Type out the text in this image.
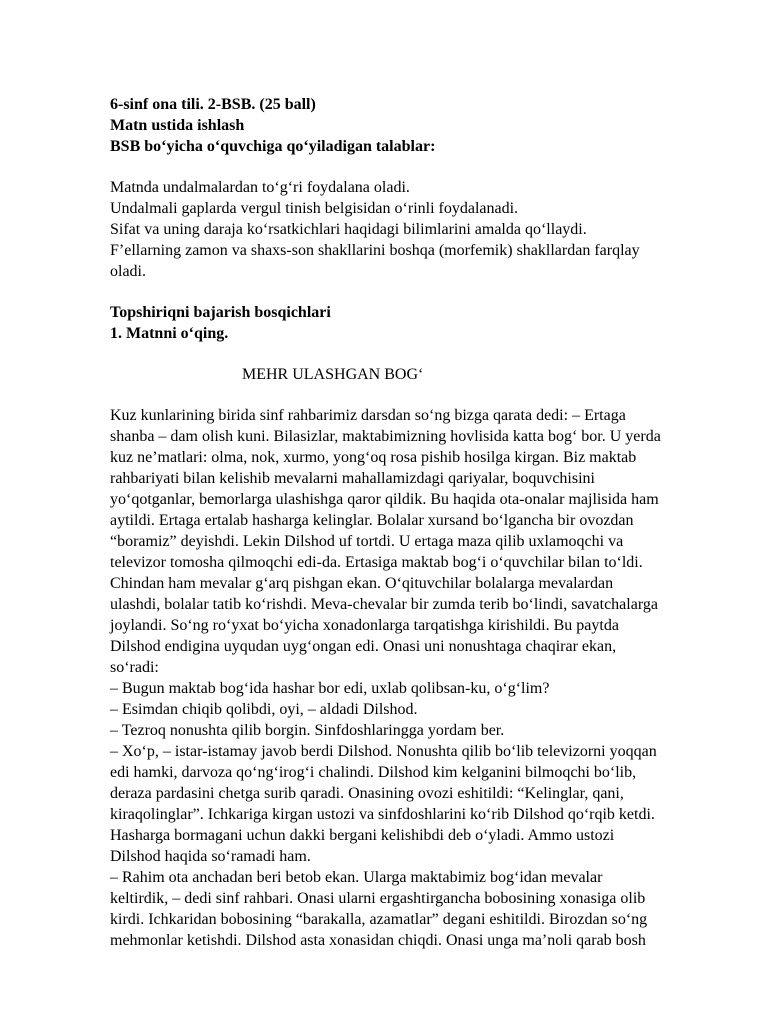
6-sinf ona tili. 2-BSB. (25 ball)
Matn ustida ishlash
BSB bo‘yicha o‘quvchiga qo‘yiladigan talablar:
Matnda undalmalardan to‘g‘ri foydalana oladi.
Undalmali gaplarda vergul tinish belgisidan o‘rinli foydalanadi.
Sifat va uning daraja ko‘rsatkichlari haqidagi bilimlarini amalda qo‘llaydi.
F’ellarning zamon va shaxs-son shakllarini boshqa (morfemik) shakllardan farqlay
oladi.
Topshiriqni bajarish bosqichlari
1. Matnni o‘qing.
MEHR ULASHGAN BOG‘
Kuz kunlarining birida sinf rahbarimiz darsdan so‘ng bizga qarata dedi: – Ertaga
shanba – dam olish kuni. Bilasizlar, maktabimizning hovlisida katta bog‘ bor. U yerda
kuz ne’matlari: olma, nok, xurmo, yong‘oq rosa pishib hosilga kirgan. Biz maktab
rahbariyati bilan kelishib mevalarni mahallamizdagi qariyalar, boquvchisini
yo‘qotganlar, bemorlarga ulashishga qaror qildik. Bu haqida ota-onalar majlisida ham
aytildi. Ertaga ertalab hasharga kelinglar. Bolalar xursand bo‘lgancha bir ovozdan
“boramiz” deyishdi. Lekin Dilshod uf tortdi. U ertaga maza qilib uxlamoqchi va
televizor tomosha qilmoqchi edi-da. Ertasiga maktab bog‘i o‘quvchilar bilan to‘ldi.
Chindan ham mevalar g‘arq pishgan ekan. O‘qituvchilar bolalarga mevalardan
ulashdi, bolalar tatib ko‘rishdi. Meva-chevalar bir zumda terib bo‘lindi, savatchalarga
joylandi. So‘ng ro‘yxat bo‘yicha xonadonlarga tarqatishga kirishildi. Bu paytda
Dilshod endigina uyqudan uyg‘ongan edi. Onasi uni nonushtaga chaqirar ekan,
so‘radi:
– Bugun maktab bog‘ida hashar bor edi, uxlab qolibsan-ku, o‘g‘lim?
– Esimdan chiqib qolibdi, oyi, – aldadi Dilshod.
– Tezroq nonushta qilib borgin. Sinfdoshlaringga yordam ber.
– Xo‘p, – istar-istamay javob berdi Dilshod. Nonushta qilib bo‘lib televizorni yoqqan
edi hamki, darvoza qo‘ng‘irog‘i chalindi. Dilshod kim kelganini bilmoqchi bo‘lib,
deraza pardasini chetga surib qaradi. Onasining ovozi eshitildi: “Kelinglar, qani,
kiraqolinglar”. Ichkariga kirgan ustozi va sinfdoshlarini ko‘rib Dilshod qo‘rqib ketdi.
Hasharga bormagani uchun dakki bergani kelishibdi deb o‘yladi. Ammo ustozi
Dilshod haqida so‘ramadi ham.
– Rahim ota anchadan beri betob ekan. Ularga maktabimiz bog‘idan mevalar
keltirdik, – dedi sinf rahbari. Onasi ularni ergashtirgancha bobosining xonasiga olib
kirdi. Ichkaridan bobosining “barakalla, azamatlar” degani eshitildi. Birozdan so‘ng
mehmonlar ketishdi. Dilshod asta xonasidan chiqdi. Onasi unga ma’noli qarab bosh
